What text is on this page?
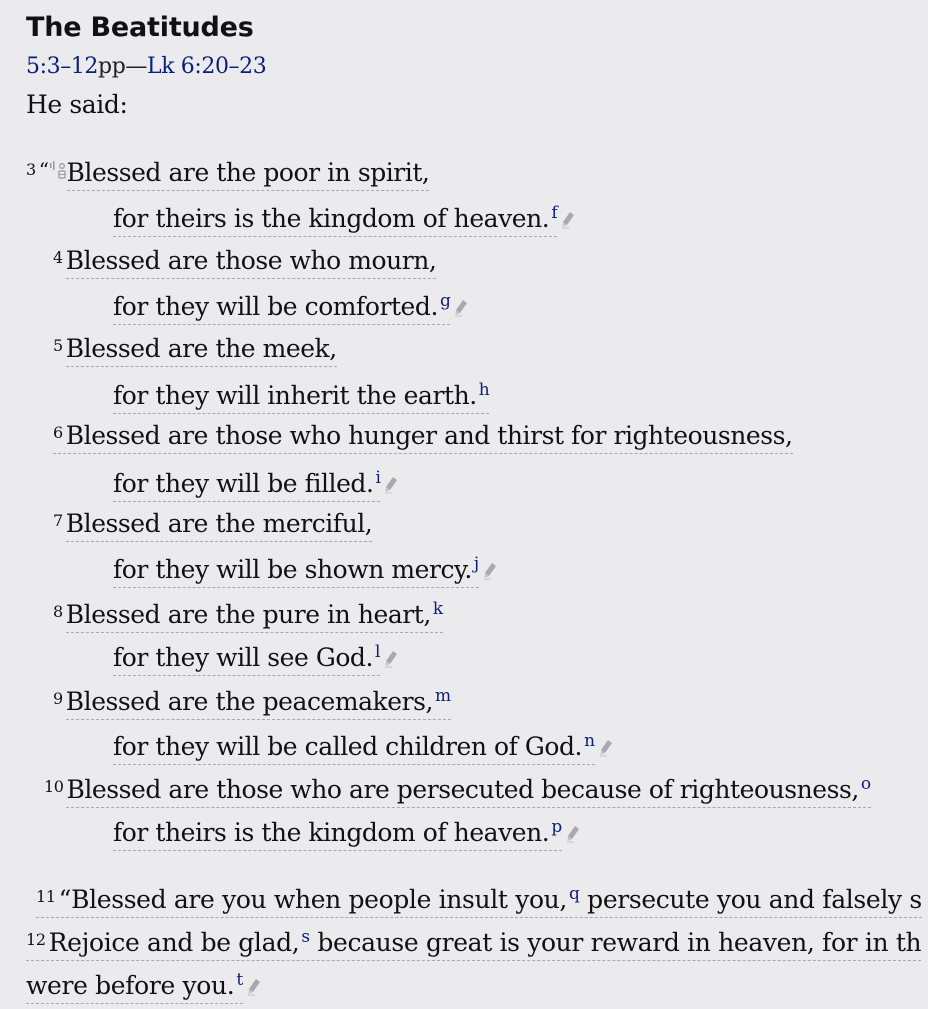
The Beatitudes
5:3–12pp—Lk 6:20–23
He said:
$^3$ “ Blessed are the poor in spirit,
for theirs is the kingdom of heaven. $^f$
$^4$ Blessed are those who mourn,
for they will be comforted. $^g$
$^5$ Blessed are the meek,
for they will inherit the earth. $^h$
$^6$ Blessed are those who hunger and thirst for righteousness,
for they will be filled. $^i$
$^7$ Blessed are the merciful,
for they will be shown mercy. $^j$
$^8$ Blessed are the pure in heart, $^k$
for they will see God. $^l$
$^9$ Blessed are the peacemakers, $^m$
for they will be called children of God. $^n$
$^{10}$ Blessed are those who are persecuted because of righteousness, $^o$
for theirs is the kingdom of heaven. $^p$
$^{11}$ “Blessed are you when people insult you, $^q$ persecute you and falsely s
$^{12}$ Rejoice and be glad, $^s$ because great is your reward in heaven, for in th
were before you. $^t$
